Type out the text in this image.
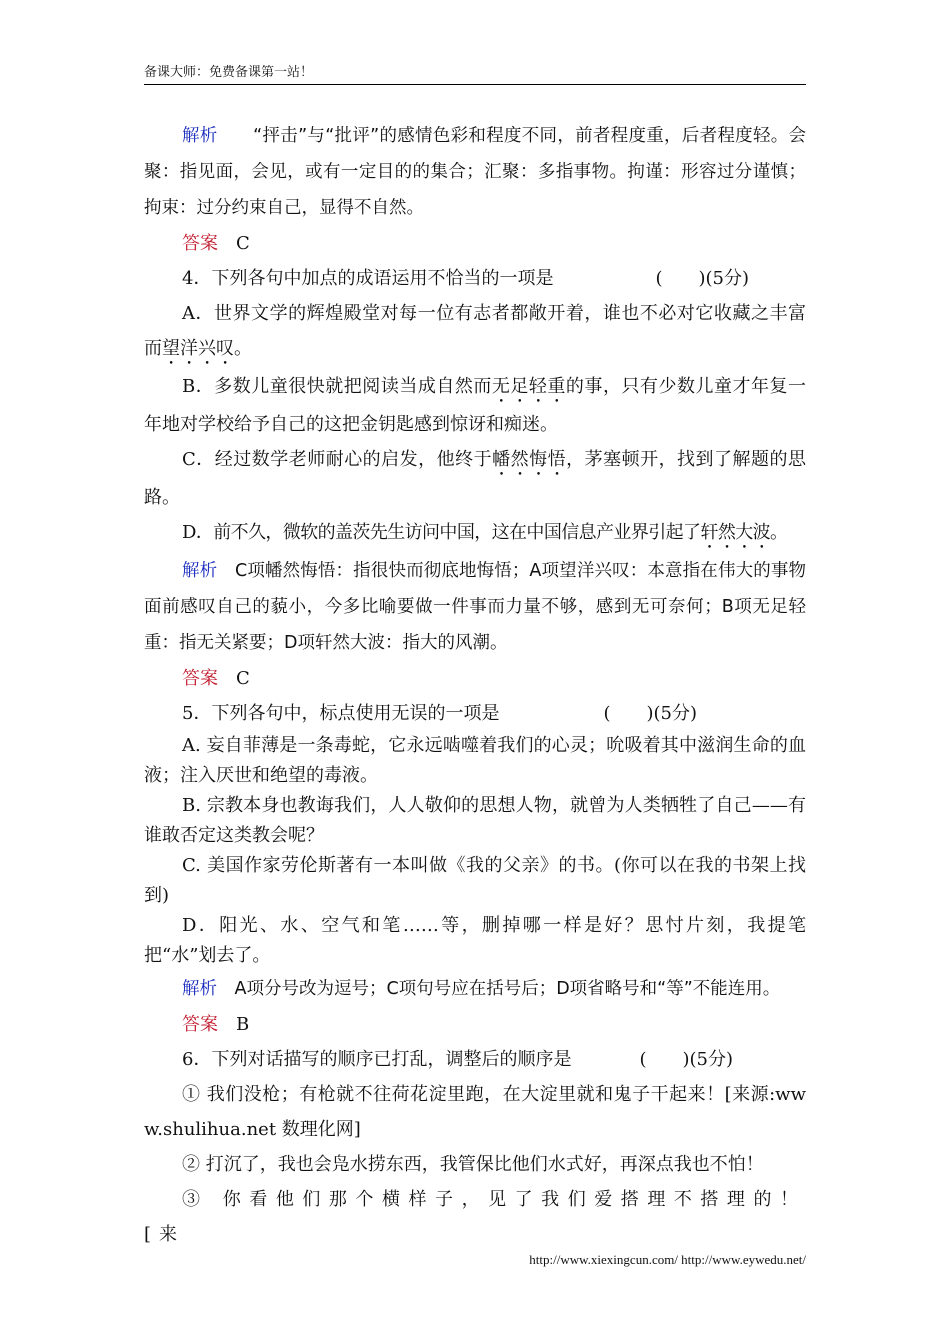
备课大师：免费备课第一站！

解析　　 “抨击”与“批评”的感情色彩和程度不同，前者程度重，后者程度轻。会聚：指见面，会见，或有一定目的的集合；汇聚：多指事物。拘谨：形容过分谨慎；拘束：过分约束自己，显得不自然。

答案　 C

4．下列各句中加点的成语运用不恰当的一项是	(　　)(5分)

A．世界文学的辉煌殿堂对每一位有志者都敞开着，谁也不必对它收藏之丰富而望洋兴叹。

B．多数儿童很快就把阅读当成自然而无足轻重的事，只有少数儿童才年复一年地对学校给予自己的这把金钥匙感到惊讶和痴迷。

C．经过数学老师耐心的启发，他终于幡然悔悟，茅塞顿开，找到了解题的思路。

D．前不久，微软的盖茨先生访问中国，这在中国信息产业界引起了轩然大波。

解析　 C项幡然悔悟：指很快而彻底地悔悟；A项望洋兴叹：本意指在伟大的事物面前感叹自己的藐小，今多比喻要做一件事而力量不够，感到无可奈何；B项无足轻重：指无关紧要；D项轩然大波：指大的风潮。

答案　 C

5．下列各句中，标点使用无误的一项是	(　　)(5分)

A. 妄自菲薄是一条毒蛇，它永远啮噬着我们的心灵；吮吸着其中滋润生命的血液；注入厌世和绝望的毒液。

B. 宗教本身也教诲我们，人人敬仰的思想人物，就曾为人类牺牲了自己——有谁敢否定这类教会呢？

C. 美国作家劳伦斯著有一本叫做《我的父亲》的书。(你可以在我的书架上找到)

D．阳光、水、空气和笔……等，删掉哪一样是好？思忖片刻，我提笔把“水”划去了。

解析　 A项分号改为逗号；C项句号应在括号后；D项省略号和“等”不能连用。

答案　 B

6．下列对话描写的顺序已打乱，调整后的顺序是	(　　)(5分)

① 我们没枪；有枪就不往荷花淀里跑，在大淀里就和鬼子干起来！[来源:www.shulihua.net 数理化网]

② 打沉了，我也会凫水捞东西，我管保比他们水式好，再深点我也不怕！

③ 你看他们那个横样子，见了我们爱搭理不搭理的！[来

http://www.xiexingcun.com/ http://www.eywedu.net/
